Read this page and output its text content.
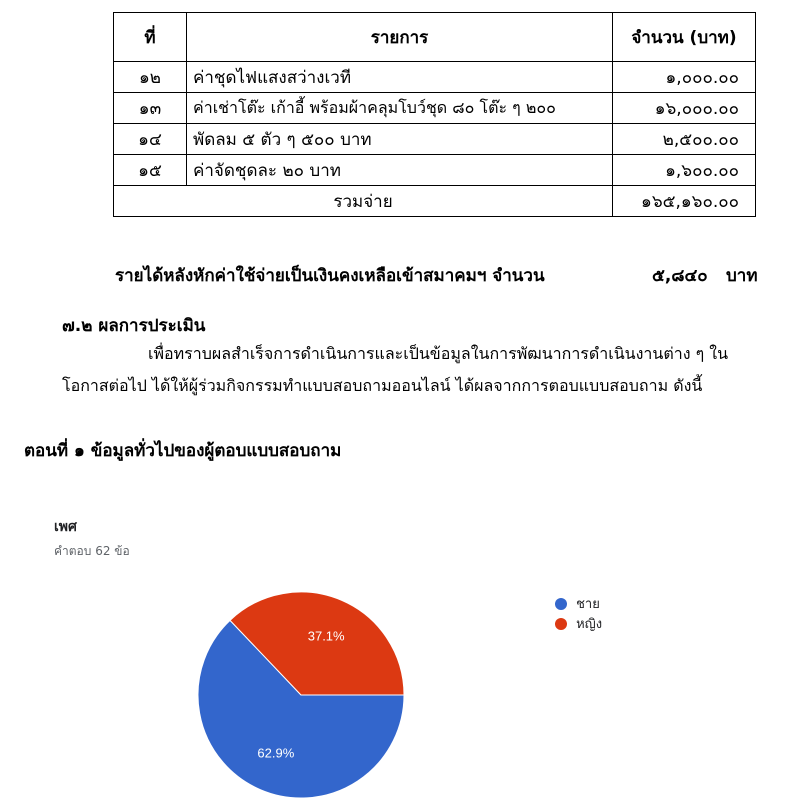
ที่	รายการ	จำนวน (บาท)
๑๒	ค่าชุดไฟแสงสว่างเวที	๑,๐๐๐.๐๐
๑๓	ค่าเช่าโต๊ะ เก้าอี้ พร้อมผ้าคลุมโบว์ชุด ๘๐ โต๊ะ ๆ ๒๐๐	๑๖,๐๐๐.๐๐
๑๔	พัดลม ๕ ตัว ๆ ๕๐๐ บาท	๒,๕๐๐.๐๐
๑๕	ค่าจัดชุดละ ๒๐ บาท	๑,๖๐๐.๐๐
รวมจ่าย		๑๖๕,๑๖๐.๐๐
รายได้หลังหักค่าใช้จ่ายเป็นเงินคงเหลือเข้าสมาคมฯ จำนวน	๕,๘๔๐ บาท
๗.๒ ผลการประเมิน
เพื่อทราบผลสำเร็จการดำเนินการและเป็นข้อมูลในการพัฒนาการดำเนินงานต่าง ๆ ใน
โอกาสต่อไป ได้ให้ผู้ร่วมกิจกรรมทำแบบสอบถามออนไลน์ ได้ผลจากการตอบแบบสอบถาม ดังนี้
ตอนที่ ๑ ข้อมูลทั่วไปของผู้ตอบแบบสอบถาม
เพศ
คำตอบ 62 ข้อ
62.9%
37.1%
ชาย
หญิง
